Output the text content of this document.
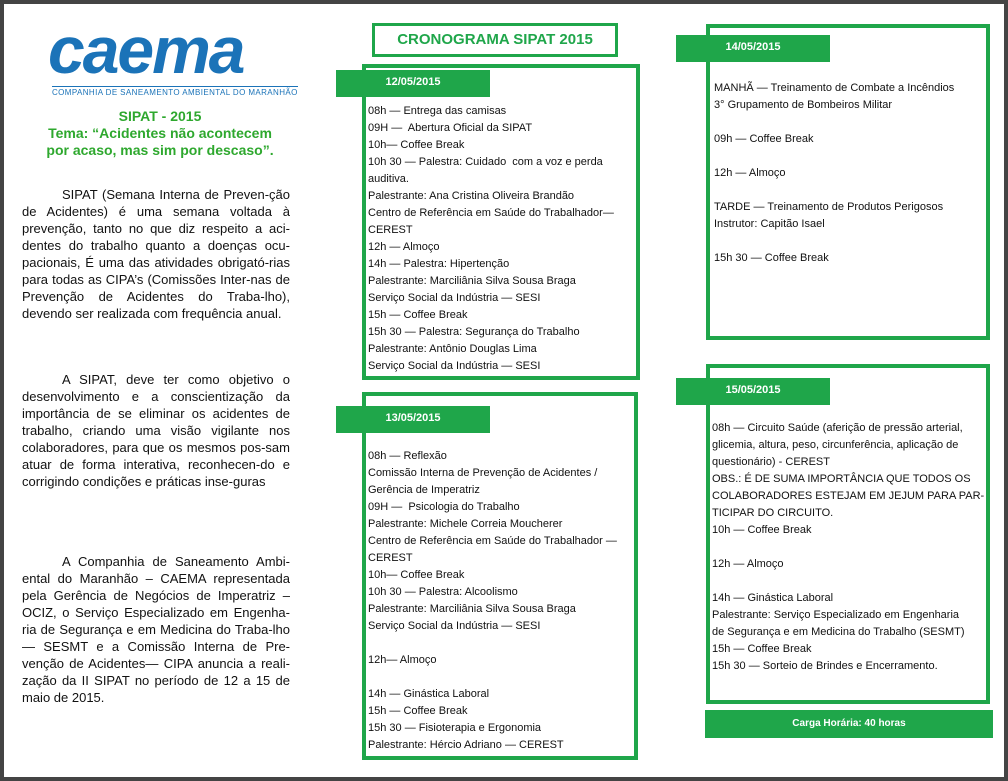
caema
COMPANHIA DE SANEAMENTO AMBIENTAL DO MARANHÃO
SIPAT - 2015
Tema: “Acidentes não acontecem
por acaso, mas sim por descaso”.

SIPAT (Semana Interna de Preven-ção de Acidentes) é uma semana voltada à prevenção, tanto no que diz respeito a aci-dentes do trabalho quanto a doenças ocu-pacionais, É uma das atividades obrigató-rias para todas as CIPA’s (Comissões Inter-nas de Prevenção de Acidentes do Traba-lho), devendo ser realizada com frequência anual.

A SIPAT, deve ter como objetivo o desenvolvimento e a conscientização da importância de se eliminar os acidentes de trabalho, criando uma visão vigilante nos colaboradores, para que os mesmos pos-sam atuar de forma interativa, reconhecen-do e corrigindo condições e práticas inse-guras

A Companhia de Saneamento Ambi-ental do Maranhão – CAEMA representada pela Gerência de Negócios de Imperatriz – OCIZ, o Serviço Especializado em Engenha-ria de Segurança e em Medicina do Traba-lho— SESMT e a Comissão Interna de Pre-venção de Acidentes— CIPA anuncia a reali-zação da II SIPAT no período de 12 a 15 de maio de 2015.

CRONOGRAMA SIPAT 2015
12/05/2015
08h — Entrega das camisas
09H —  Abertura Oficial da SIPAT
10h— Coffee Break
10h 30 — Palestra: Cuidado  com a voz e perda
auditiva.
Palestrante: Ana Cristina Oliveira Brandão
Centro de Referência em Saúde do Trabalhador—
CEREST
12h — Almoço
14h — Palestra: Hipertenção
Palestrante: Marciliânia Silva Sousa Braga
Serviço Social da Indústria — SESI
15h — Coffee Break
15h 30 — Palestra: Segurança do Trabalho
Palestrante: Antônio Douglas Lima
Serviço Social da Indústria — SESI
13/05/2015
08h — Reflexão
Comissão Interna de Prevenção de Acidentes /
Gerência de Imperatriz
09H —  Psicologia do Trabalho
Palestrante: Michele Correia Moucherer
Centro de Referência em Saúde do Trabalhador —
CEREST
10h— Coffee Break
10h 30 — Palestra: Alcoolismo
Palestrante: Marciliânia Silva Sousa Braga
Serviço Social da Indústria — SESI
12h— Almoço
14h — Ginástica Laboral
15h — Coffee Break
15h 30 — Fisioterapia e Ergonomia
Palestrante: Hércio Adriano — CEREST
14/05/2015
MANHÃ — Treinamento de Combate a Incêndios
3° Grupamento de Bombeiros Militar
09h — Coffee Break
12h — Almoço
TARDE — Treinamento de Produtos Perigosos
Instrutor: Capitão Isael
15h 30 — Coffee Break
15/05/2015
08h — Circuito Saúde (aferição de pressão arterial,
glicemia, altura, peso, circunferência, aplicação de
questionário) - CEREST
OBS.: É DE SUMA IMPORTÂNCIA QUE TODOS OS
COLABORADORES ESTEJAM EM JEJUM PARA PAR-
TICIPAR DO CIRCUITO.
10h — Coffee Break
12h — Almoço
14h — Ginástica Laboral
Palestrante: Serviço Especializado em Engenharia
de Segurança e em Medicina do Trabalho (SESMT)
15h — Coffee Break
15h 30 — Sorteio de Brindes e Encerramento.
Carga Horária: 40 horas
